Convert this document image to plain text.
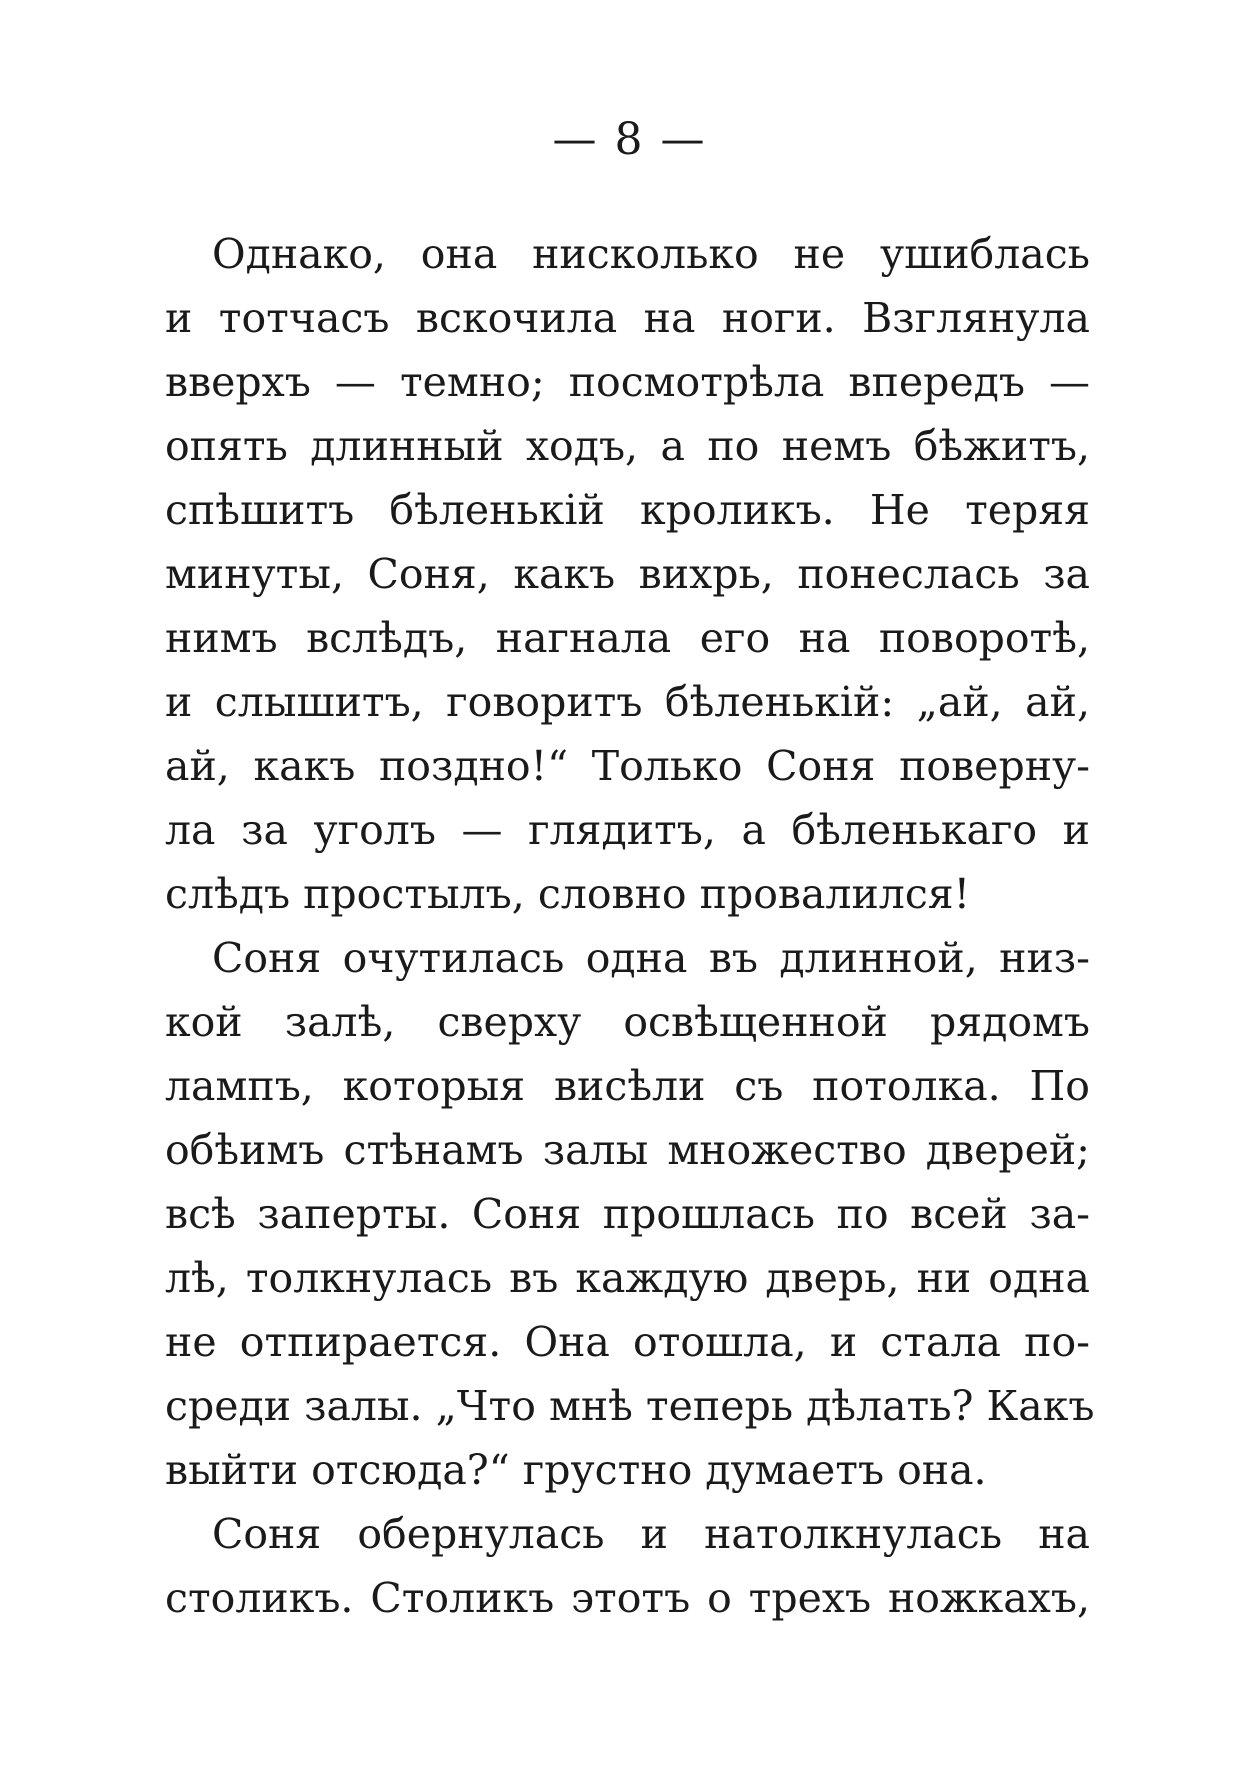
— 8 —
Однако, она нисколько не ушиблась
и тотчасъ вскочила на ноги. Взглянула
вверхъ — темно; посмотрѣла впередъ —
опять длинный ходъ, а по немъ бѣжитъ,
спѣшитъ бѣленькій кроликъ. Не теряя
минуты, Соня, какъ вихрь, понеслась за
нимъ вслѣдъ, нагнала его на поворотѣ,
и слышитъ, говоритъ бѣленькій: „ай, ай,
ай, какъ поздно!“ Только Соня поверну-
ла за уголъ — глядитъ, а бѣленькаго и
слѣдъ простылъ, словно провалился!
Соня очутилась одна въ длинной, низ-
кой залѣ, сверху освѣщенной рядомъ
лампъ, которыя висѣли съ потолка. По
обѣимъ стѣнамъ залы множество дверей;
всѣ заперты. Соня прошлась по всей за-
лѣ, толкнулась въ каждую дверь, ни одна
не отпирается. Она отошла, и стала по-
среди залы. „Что мнѣ теперь дѣлать? Какъ
выйти отсюда?“ грустно думаетъ она.
Соня обернулась и натолкнулась на
столикъ. Столикъ этотъ о трехъ ножкахъ,
